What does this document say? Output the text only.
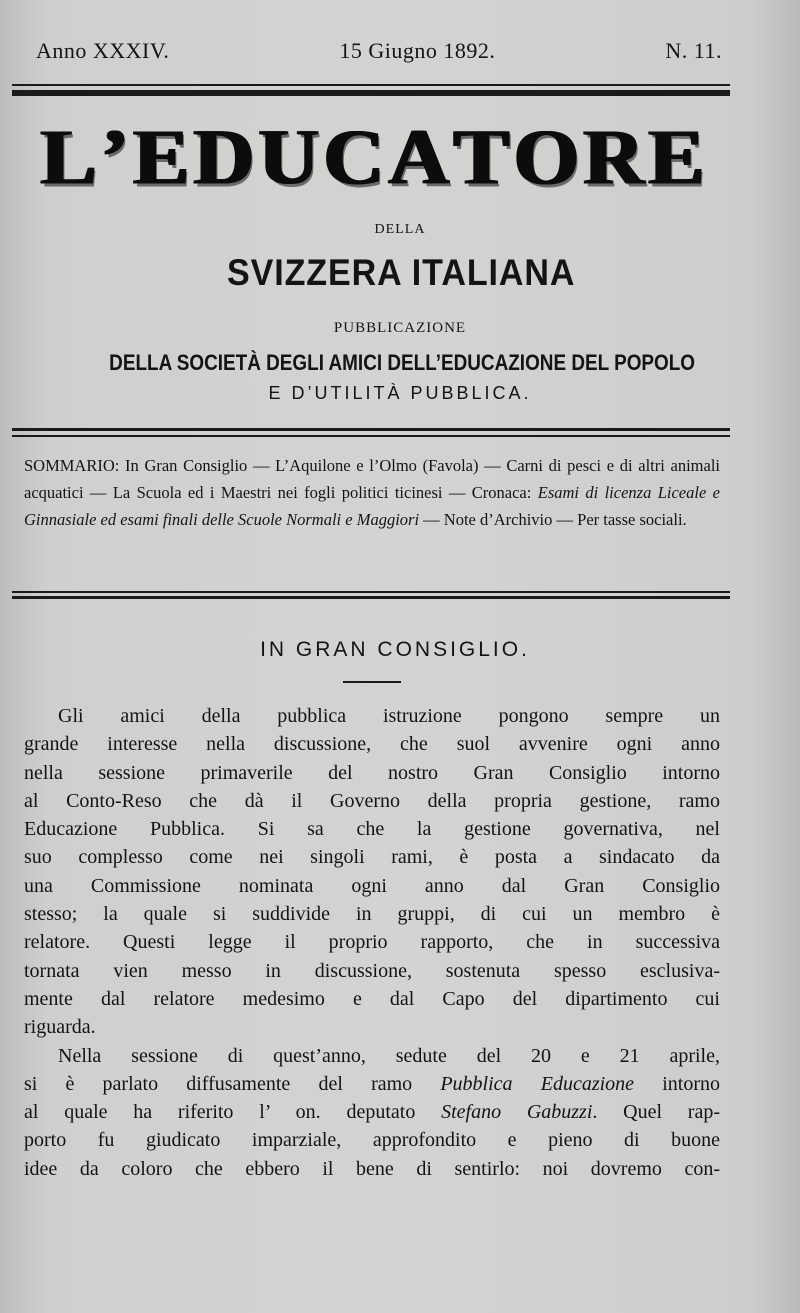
Anno XXXIV.	15 Giugno 1892.	N. 11.
L ’ E D U C A T O R E
DELLA
SVIZZERA ITALIANA
PUBBLICAZIONE
DELLA SOCIETÀ DEGLI AMICI DELL’EDUCAZIONE DEL POPOLO
E D’UTILITÀ PUBBLICA.
SOMMARIO: In Gran Consiglio — L’Aquilone e l’Olmo (Favola) — Carni di pesci e di altri animali acquatici — La Scuola ed i Maestri nei fogli politici ticinesi — Cronaca: Esami di licenza Liceale e Ginnasiale ed esami finali delle Scuole Normali e Maggiori — Note d’Archivio — Per tasse sociali.
IN GRAN CONSIGLIO.
Gli amici della pubblica istruzione pongono sempre un
grande interesse nella discussione, che suol avvenire ogni anno
nella sessione primaverile del nostro Gran Consiglio intorno
al Conto-Reso che dà il Governo della propria gestione, ramo
Educazione Pubblica. Si sa che la gestione governativa, nel
suo complesso come nei singoli rami, è posta a sindacato da
una Commissione nominata ogni anno dal Gran Consiglio
stesso; la quale si suddivide in gruppi, di cui un membro è
relatore. Questi legge il proprio rapporto, che in successiva
tornata vien messo in discussione, sostenuta spesso esclusiva-
mente dal relatore medesimo e dal Capo del dipartimento cui
riguarda.
Nella sessione di quest’anno, sedute del 20 e 21 aprile,
si è parlato diffusamente del ramo Pubblica Educazione intorno
al quale ha riferito l’ on. deputato Stefano Gabuzzi. Quel rap-
porto fu giudicato imparziale, approfondito e pieno di buone
idee da coloro che ebbero il bene di sentirlo: noi dovremo con-
